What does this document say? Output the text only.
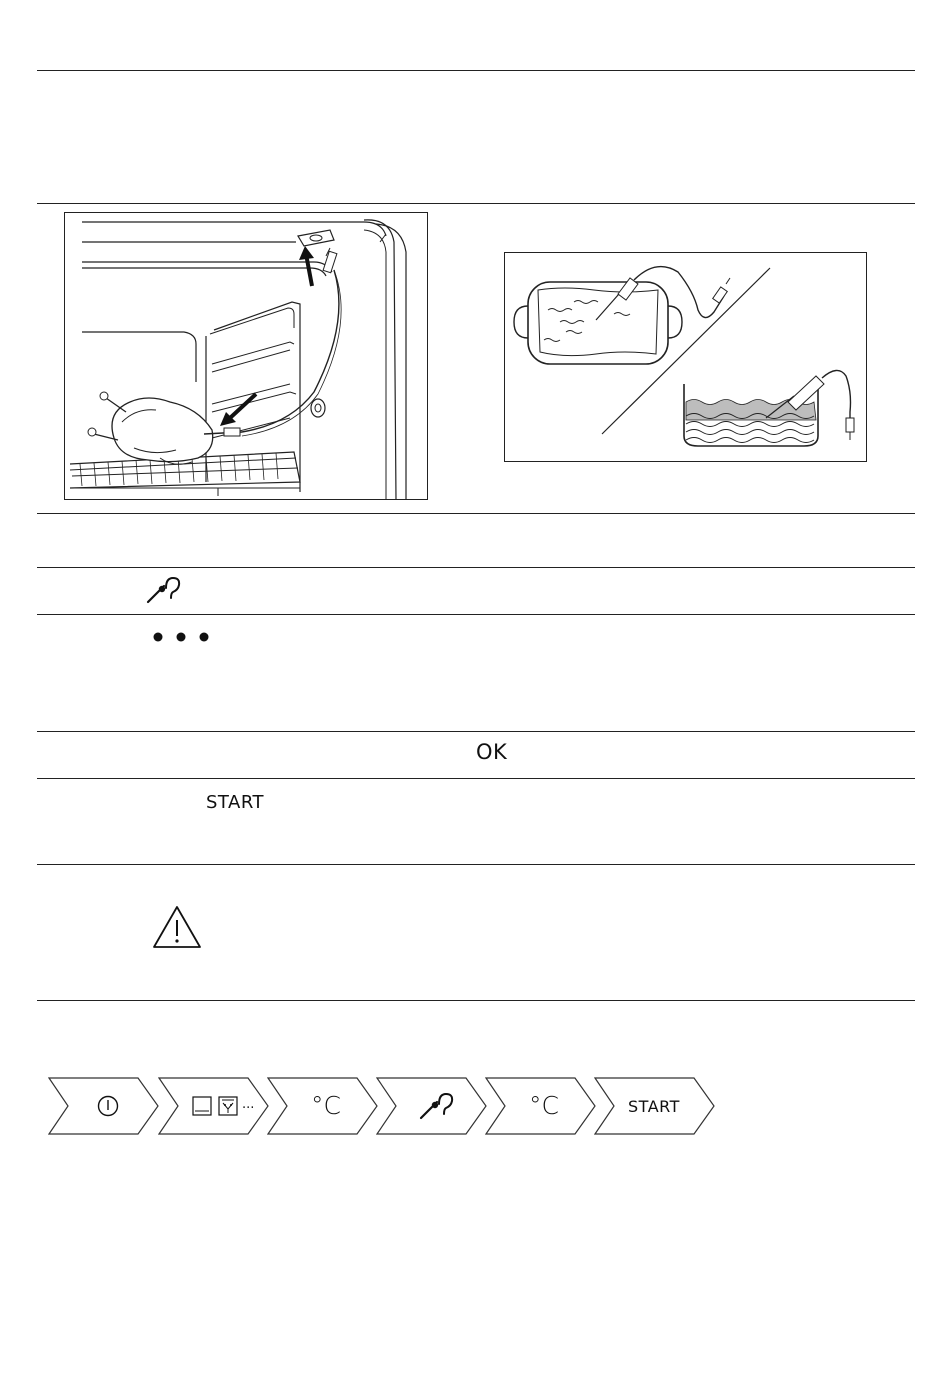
OK
START
... °C	°C	START
